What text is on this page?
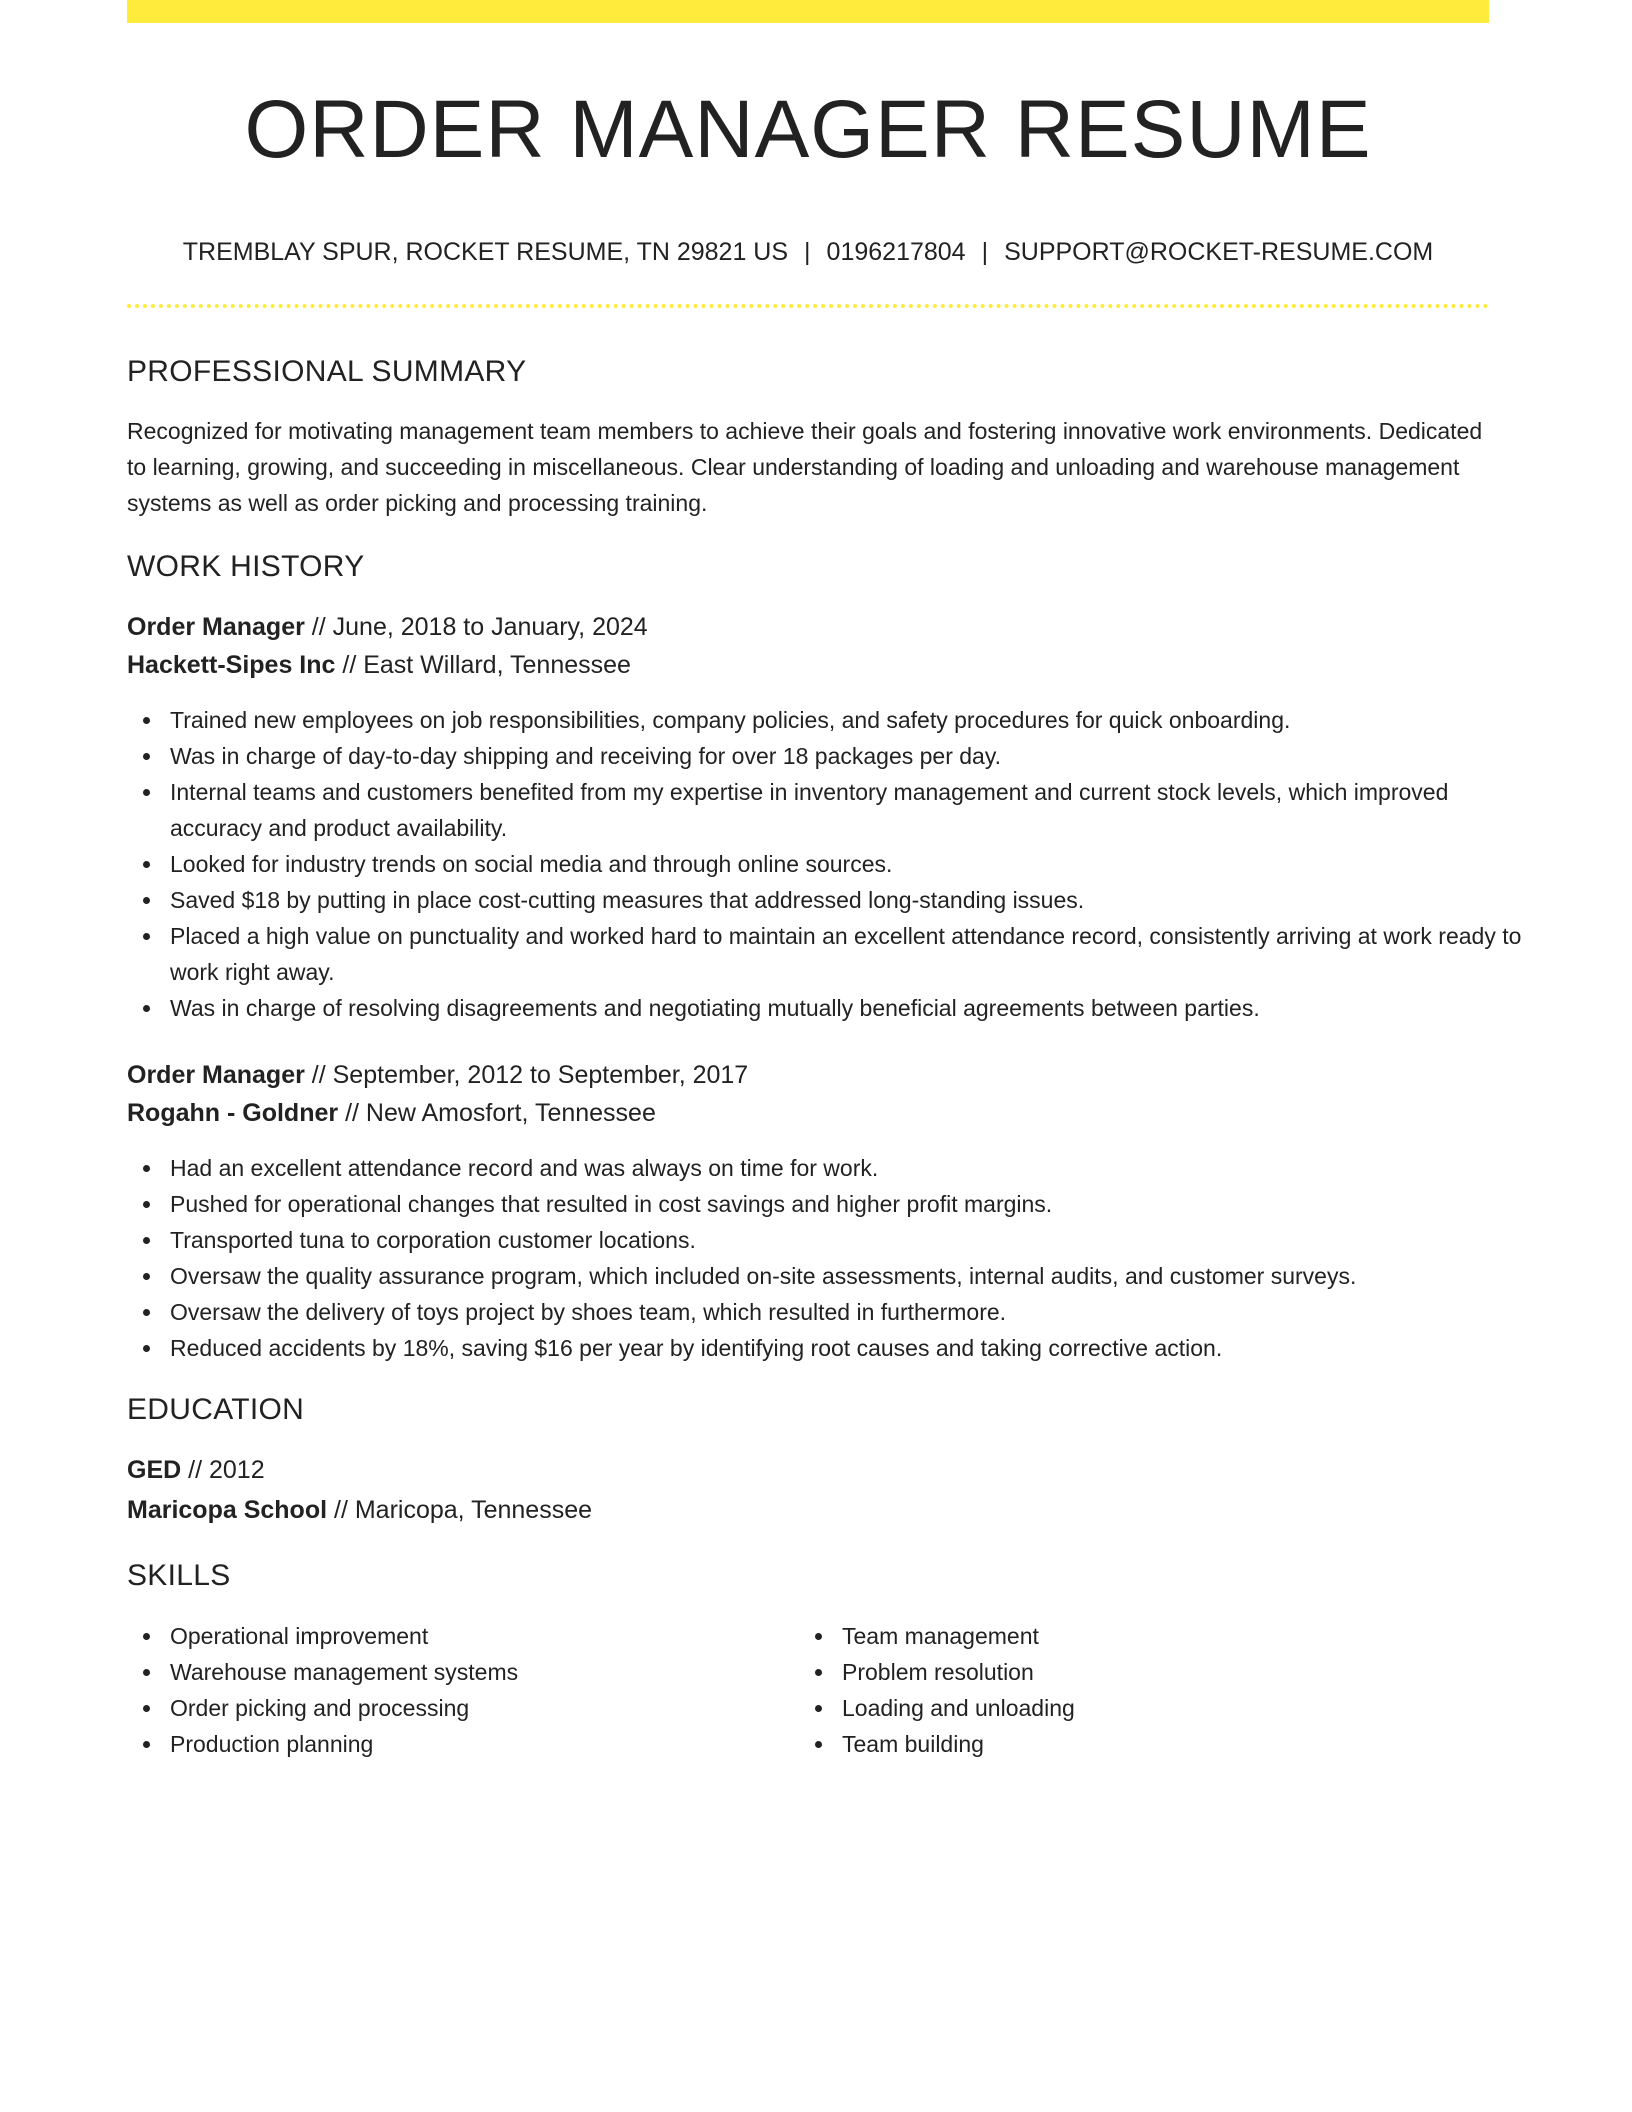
ORDER MANAGER RESUME
TREMBLAY SPUR, ROCKET RESUME, TN 29821 US | 0196217804 | SUPPORT@ROCKET-RESUME.COM
PROFESSIONAL SUMMARY

Recognized for motivating management team members to achieve their goals and fostering innovative work environments. Dedicated to learning, growing, and succeeding in miscellaneous. Clear understanding of loading and unloading and warehouse management systems as well as order picking and processing training.

WORK HISTORY
Order Manager // June, 2018 to January, 2024
Hackett-Sipes Inc // East Willard, Tennessee
Trained new employees on job responsibilities, company policies, and safety procedures for quick onboarding.
Was in charge of day-to-day shipping and receiving for over 18 packages per day.
Internal teams and customers benefited from my expertise in inventory management and current stock levels, which improved accuracy and product availability.
Looked for industry trends on social media and through online sources.
Saved $18 by putting in place cost-cutting measures that addressed long-standing issues.
Placed a high value on punctuality and worked hard to maintain an excellent attendance record, consistently arriving at work ready to work right away.
Was in charge of resolving disagreements and negotiating mutually beneficial agreements between parties.
Order Manager // September, 2012 to September, 2017
Rogahn - Goldner // New Amosfort, Tennessee
Had an excellent attendance record and was always on time for work.
Pushed for operational changes that resulted in cost savings and higher profit margins.
Transported tuna to corporation customer locations.
Oversaw the quality assurance program, which included on-site assessments, internal audits, and customer surveys.
Oversaw the delivery of toys project by shoes team, which resulted in furthermore.
Reduced accidents by 18%, saving $16 per year by identifying root causes and taking corrective action.
EDUCATION
GED // 2012
Maricopa School // Maricopa, Tennessee
SKILLS
Operational improvement
Warehouse management systems
Order picking and processing
Production planning
Team management
Problem resolution
Loading and unloading
Team building
